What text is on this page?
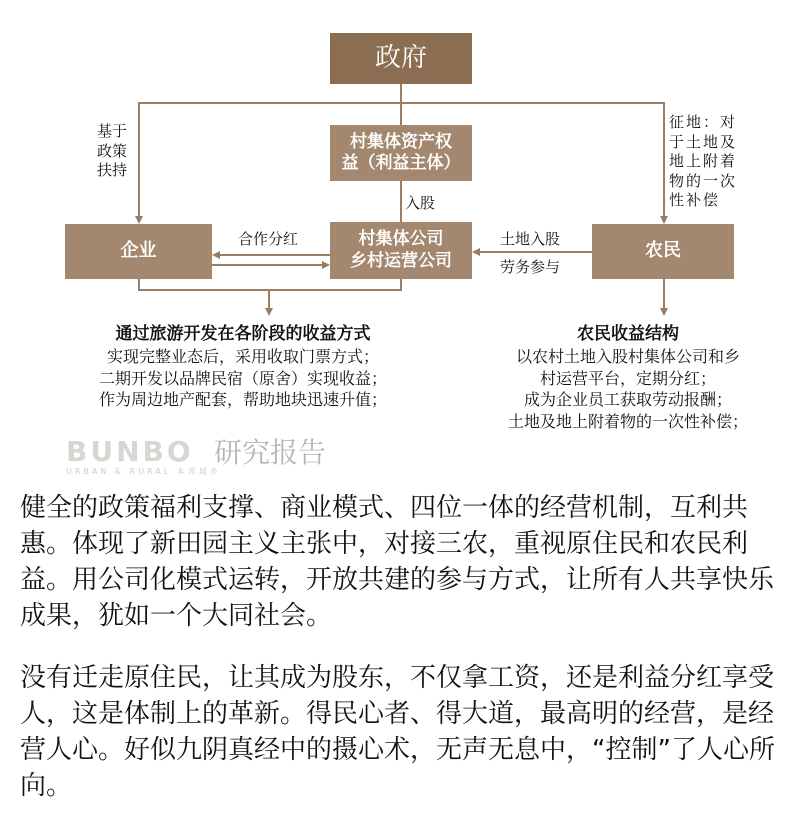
政府
基于
政策
扶持
征地：对
于土地及
地上附着
物的一次
性补偿
村集体资产权
益（利益主体）
入股
村集体公司
乡村运营公司
企业
合作分红
农民
土地入股
劳务参与
通过旅游开发在各阶段的收益方式
实现完整业态后，采用收取门票方式；
二期开发以品牌民宿（原舍）实现收益；
作为周边地产配套，帮助地块迅速升值；
农民收益结构
以农村土地入股村集体公司和乡
村运营平台，定期分红；
成为企业员工获取劳动报酬；
土地及地上附着物的一次性补偿；
BUNBO
URBAN & RURAL 本邦城乡
研究报告
健全的政策福利支撑、商业模式、四位一体的经营机制，互利共惠。体现了新田园主义主张中，对接三农，重视原住民和农民利益。用公司化模式运转，开放共建的参与方式，让所有人共享快乐成果，犹如一个大同社会。
没有迁走原住民，让其成为股东，不仅拿工资，还是利益分红享受人，这是体制上的革新。得民心者、得大道，最高明的经营，是经营人心。好似九阴真经中的摄心术，无声无息中，“控制”了人心所向。
